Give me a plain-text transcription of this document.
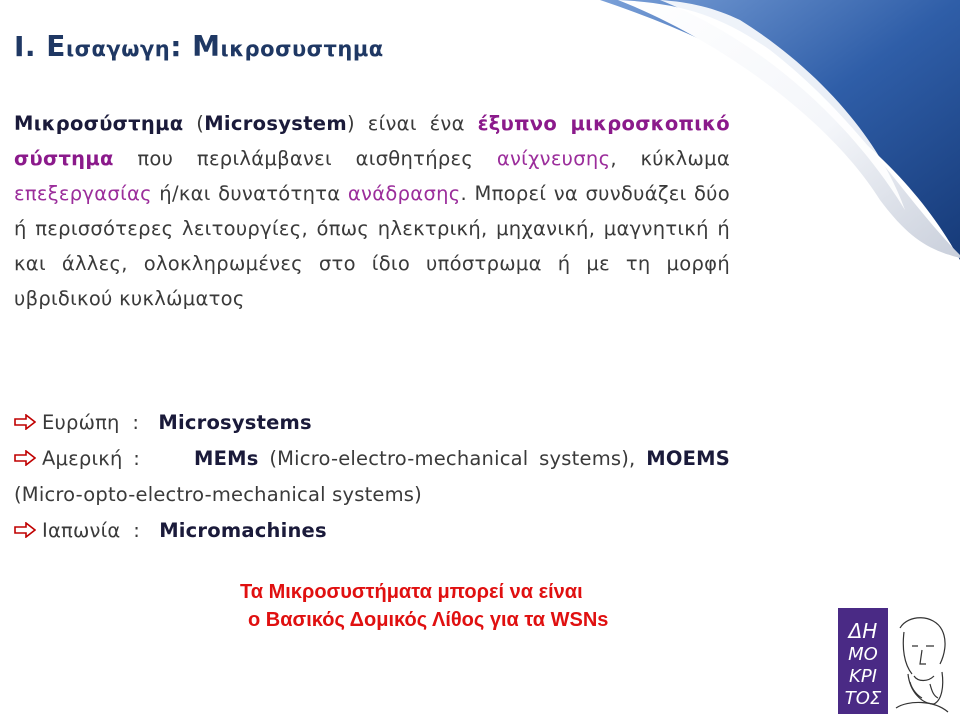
I. Εισαγωγη: Μικροσυστημα
Μικροσύστημα (Microsystem) είναι ένα έξυπνο μικροσκοπικό σύστημα που περιλάμβανει αισθητήρες ανίχνευσης, κύκλωμα επεξεργασίας ή/και δυνατότητα ανάδρασης. Μπορεί να συνδυάζει δύο ή περισσότερες λειτουργίες, όπως ηλεκτρική, μηχανική, μαγνητική ή και άλλες, ολοκληρωμένες στο ίδιο υπόστρωμα ή με τη μορφή υβριδικού κυκλώματος
Ευρώπη  :   Microsystems
Αμερική :     MEMs (Micro-electro-mechanical systems), MOEMS (Micro-opto-electro-mechanical systems)
Ιαπωνία  :   Micromachines
Τα Μικροσυστήματα μπορεί να είναι
ο Βασικός Δομικός Λίθος για τα WSNs	ΔΗ
ΜΟ
ΚΡΙ
ΤΟΣ
